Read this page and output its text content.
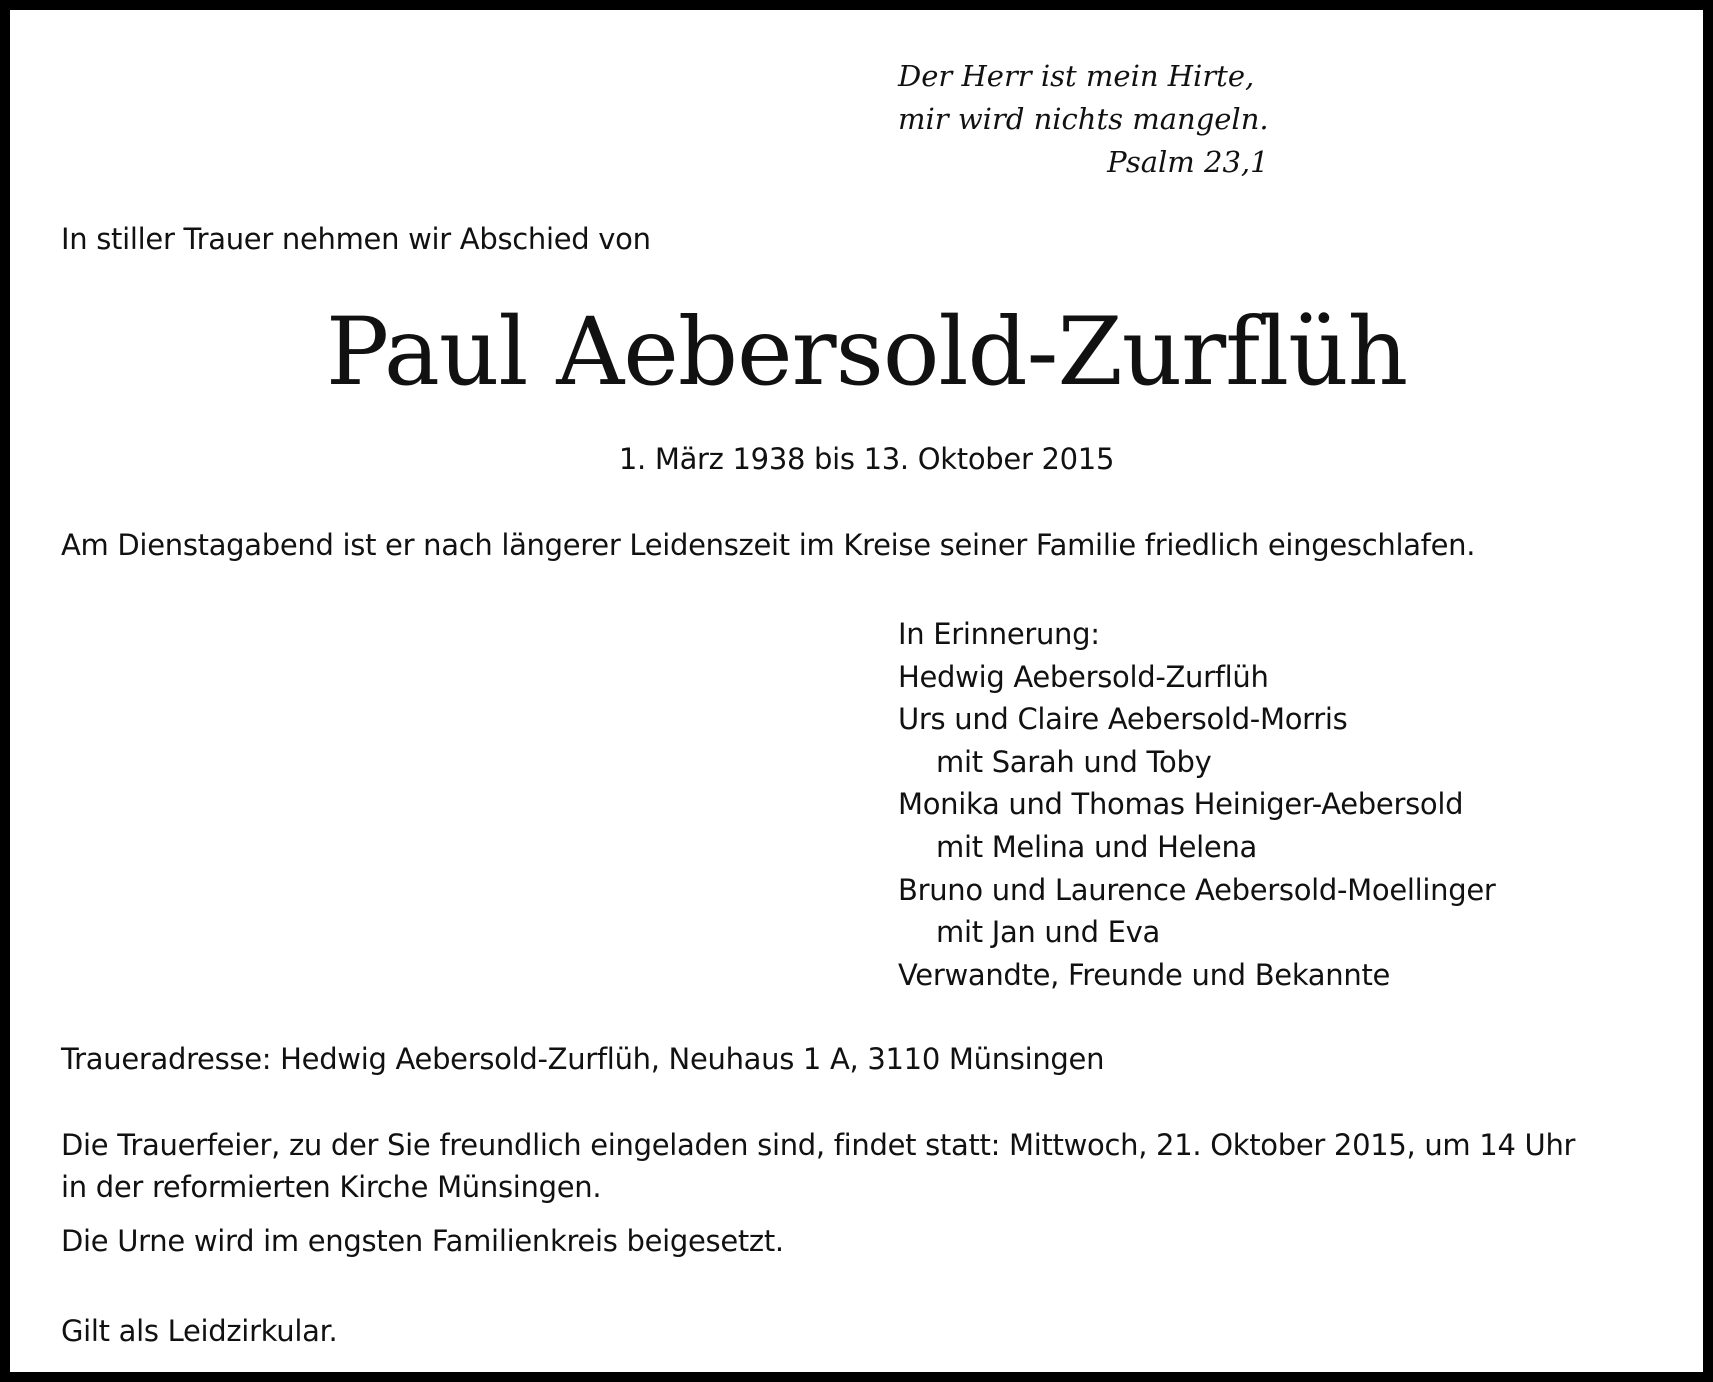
Der Herr ist mein Hirte,
mir wird nichts mangeln.
Psalm 23,1
In stiller Trauer nehmen wir Abschied von
Paul Aebersold-Zurflüh
1. März 1938 bis 13. Oktober 2015
Am Dienstagabend ist er nach längerer Leidenszeit im Kreise seiner Familie friedlich eingeschlafen.
In Erinnerung:
Hedwig Aebersold-Zurflüh
Urs und Claire Aebersold-Morris
mit Sarah und Toby
Monika und Thomas Heiniger-Aebersold
mit Melina und Helena
Bruno und Laurence Aebersold-Moellinger
mit Jan und Eva
Verwandte, Freunde und Bekannte
Traueradresse: Hedwig Aebersold-Zurflüh, Neuhaus 1 A, 3110 Münsingen
Die Trauerfeier, zu der Sie freundlich eingeladen sind, findet statt: Mittwoch, 21. Oktober 2015, um 14 Uhr
in der reformierten Kirche Münsingen.
Die Urne wird im engsten Familienkreis beigesetzt.
Gilt als Leidzirkular.
